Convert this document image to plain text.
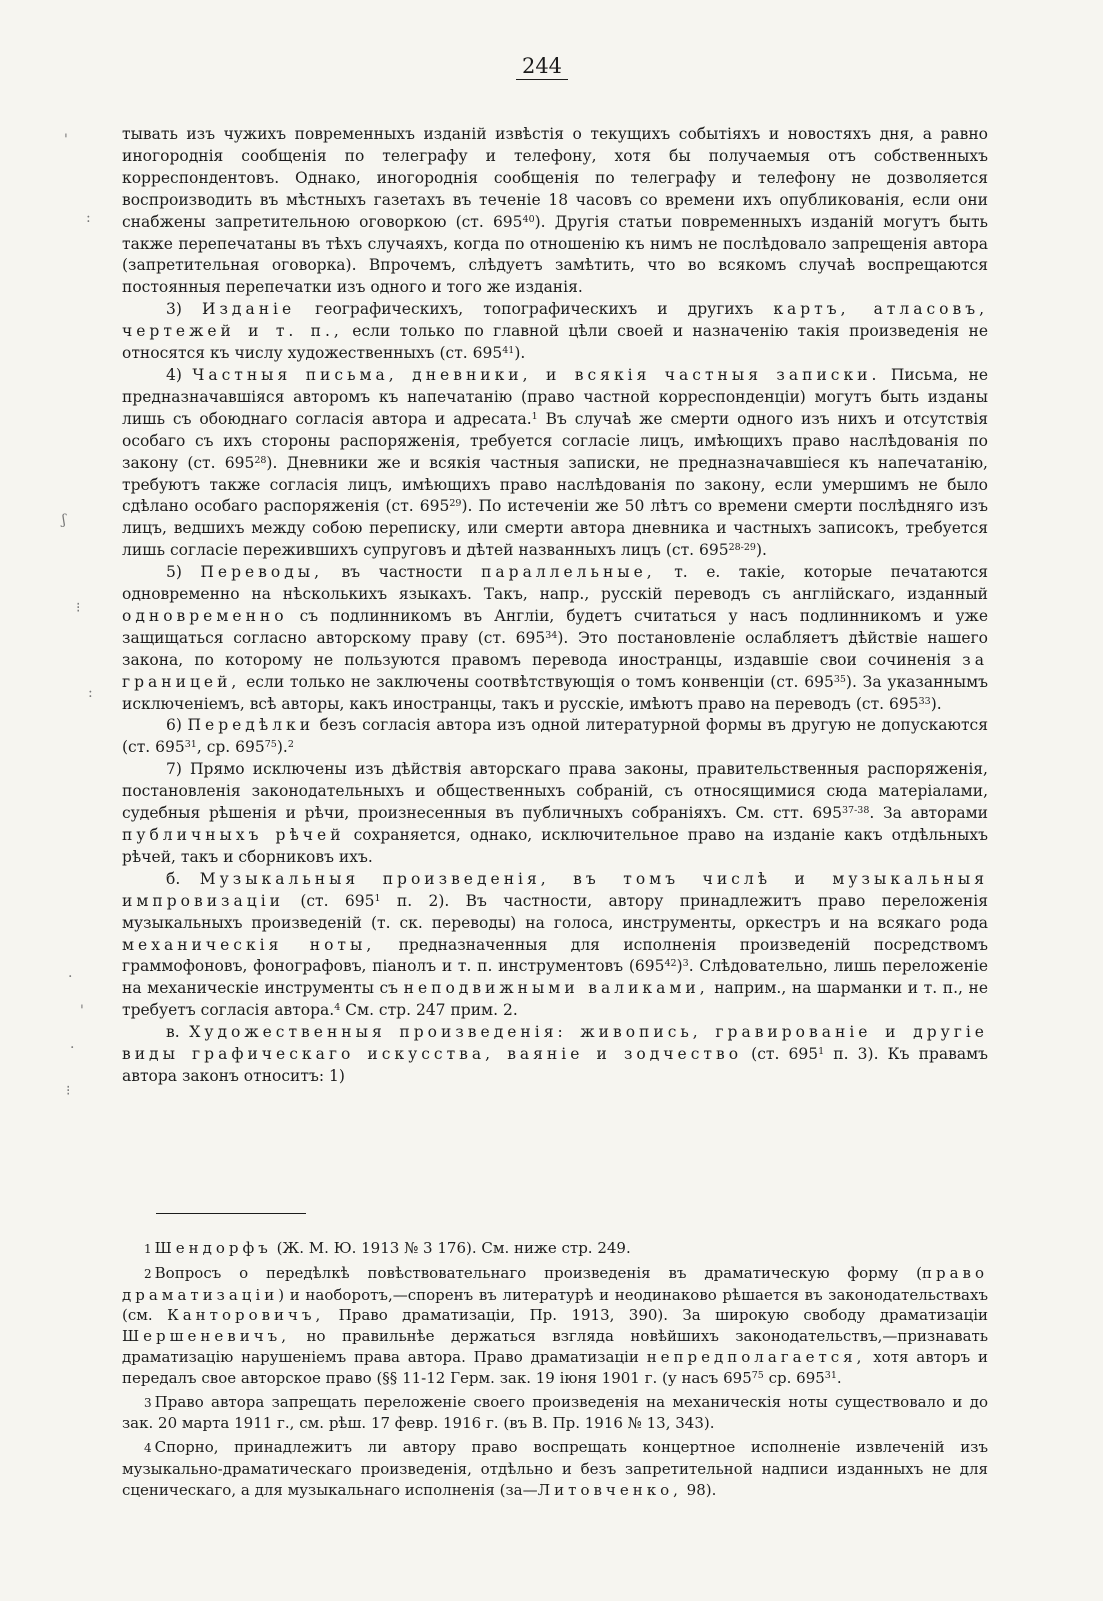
'
:
ʃ
⁝
:
.
'
·
⁝
244

тывать изъ чужихъ повременныхъ изданій извѣстія о текущихъ событіяхъ и новостяхъ дня, а равно иногороднія сообщенія по телеграфу и телефону, хотя бы получаемыя отъ собственныхъ корреспондентовъ. Однако, иногороднія сообщенія по телеграфу и телефону не дозволяется воспроизводить въ мѣстныхъ газетахъ въ теченіе 18 часовъ со времени ихъ опубликованія, если они снабжены запретительною оговоркою (ст. $695^{40}$). Другія статьи повременныхъ изданій могутъ быть также перепечатаны въ тѣхъ случаяхъ, когда по отношенію къ нимъ не послѣдовало запрещенія автора (запретительная оговорка). Впрочемъ, слѣдуетъ замѣтить, что во всякомъ случаѣ воспрещаются постоянныя перепечатки изъ одного и того же изданія.

3) Изданіе географическихъ, топографическихъ и другихъ картъ, атласовъ, чертежей и т. п., если только по главной цѣли своей и назначенію такія произведенія не относятся къ числу художественныхъ (ст. $695^{41}$).

4) Частныя письма, дневники, и всякія частныя записки. Письма, не предназначавшіяся авторомъ къ напечатанію (право частной корреспонденціи) могутъ быть изданы лишь съ обоюднаго согласія автора и адресата.$^1$ Въ случаѣ же смерти одного изъ нихъ и отсутствія особаго съ ихъ стороны распоряженія, требуется согласіе лицъ, имѣющихъ право наслѣдованія по закону (ст. $695^{28}$). Дневники же и всякія частныя записки, не предназначавшіеся къ напечатанію, требуютъ также согласія лицъ, имѣющихъ право наслѣдованія по закону, если умершимъ не было сдѣлано особаго распоряженія (ст. $695^{29}$). По истеченіи же 50 лѣтъ со времени смерти послѣдняго изъ лицъ, ведшихъ между собою переписку, или смерти автора дневника и частныхъ записокъ, требуется лишь согласіе пережившихъ супруговъ и дѣтей названныхъ лицъ (ст. 695$^{28-29}$).

5) Переводы, въ частности параллельные, т. е. такіе, которые печатаются одновременно на нѣсколькихъ языкахъ. Такъ, напр., русскій переводъ съ англійскаго, изданный одновременно съ подлинникомъ въ Англіи, будетъ считаться у насъ подлинникомъ и уже защищаться согласно авторскому праву (ст. $695^{34}$). Это постановленіе ослабляетъ дѣйствіе нашего закона, по которому не пользуются правомъ перевода иностранцы, издавшіе свои сочиненія за границей, если только не заключены соотвѣтствующія о томъ конвенціи (ст. $695^{35}$). За указаннымъ исключеніемъ, всѣ авторы, какъ иностранцы, такъ и русскіе, имѣютъ право на переводъ (ст. $695^{33}$).

6) Передѣлки безъ согласія автора изъ одной литературной формы въ другую не допускаются (ст. $695^{31}$, ср. $695^{75}).^2$

7) Прямо исключены изъ дѣйствія авторскаго права законы, правительственныя распоряженія, постановленія законодательныхъ и общественныхъ собраній, съ относящимися сюда матеріалами, судебныя рѣшенія и рѣчи, произнесенныя въ публичныхъ собраніяхъ. См. стт. 695$^{37-38}$. За авторами публичныхъ рѣчей сохраняется, однако, исключительное право на изданіе какъ отдѣльныхъ рѣчей, такъ и сборниковъ ихъ.

б. Музыкальныя произведенія, въ томъ числѣ и музыкальныя импровизаціи (ст. $695^1$ п. 2). Въ частности, автору принадлежитъ право переложенія музыкальныхъ произведеній (т. ск. переводы) на голоса, инструменты, оркестръ и на всякаго рода механическія ноты, предназначенныя для исполненія произведеній посредствомъ граммофоновъ, фонографовъ, піанолъ и т. п. инструментовъ $(695^{42})^3$. Слѣдовательно, лишь переложеніе на механическіе инструменты съ неподвижными валиками, наприм., на шарманки и т. п., не требуетъ согласія автора.$^4$ См. стр. 247 прим. 2.

в. Художественныя произведенія: живопись, гравированіе и другіе виды графическаго искусства, ваяніе и зодчество (ст. $695^1$ п. 3). Къ правамъ автора законъ относитъ: 1)

1 Шендорфъ (Ж. М. Ю. 1913 № 3 176). См. ниже стр. 249.

2 Вопросъ о передѣлкѣ повѣствовательнаго произведенія въ драматическую форму (право драматизаціи) и наоборотъ,—споренъ въ литературѣ и неодинаково рѣшается въ законодательствахъ (см. Канторовичъ, Право драматизаціи, Пр. 1913, 390). За широкую свободу драматизаціи Шершеневичъ, но правильнѣе держаться взгляда новѣйшихъ законодательствъ,—признавать драматизацію нарушеніемъ права автора. Право драматизаціи непредполагается, хотя авторъ и передалъ свое авторское право (§§ 11-12 Герм. зак. 19 іюня 1901 г. (у насъ $695^{75}$ ср. $695^{31}$.

3 Право автора запрещать переложеніе своего произведенія на механическія ноты существовало и до зак. 20 марта 1911 г., см. рѣш. 17 февр. 1916 г. (въ В. Пр. 1916 № 13, 343).

4 Спорно, принадлежитъ ли автору право воспрещать концертное исполненіе извлеченій изъ музыкально-драматическаго произведенія, отдѣльно и безъ запретительной надписи изданныхъ не для сценическаго, а для музыкальнаго исполненія (за—Литовченко, 98).
